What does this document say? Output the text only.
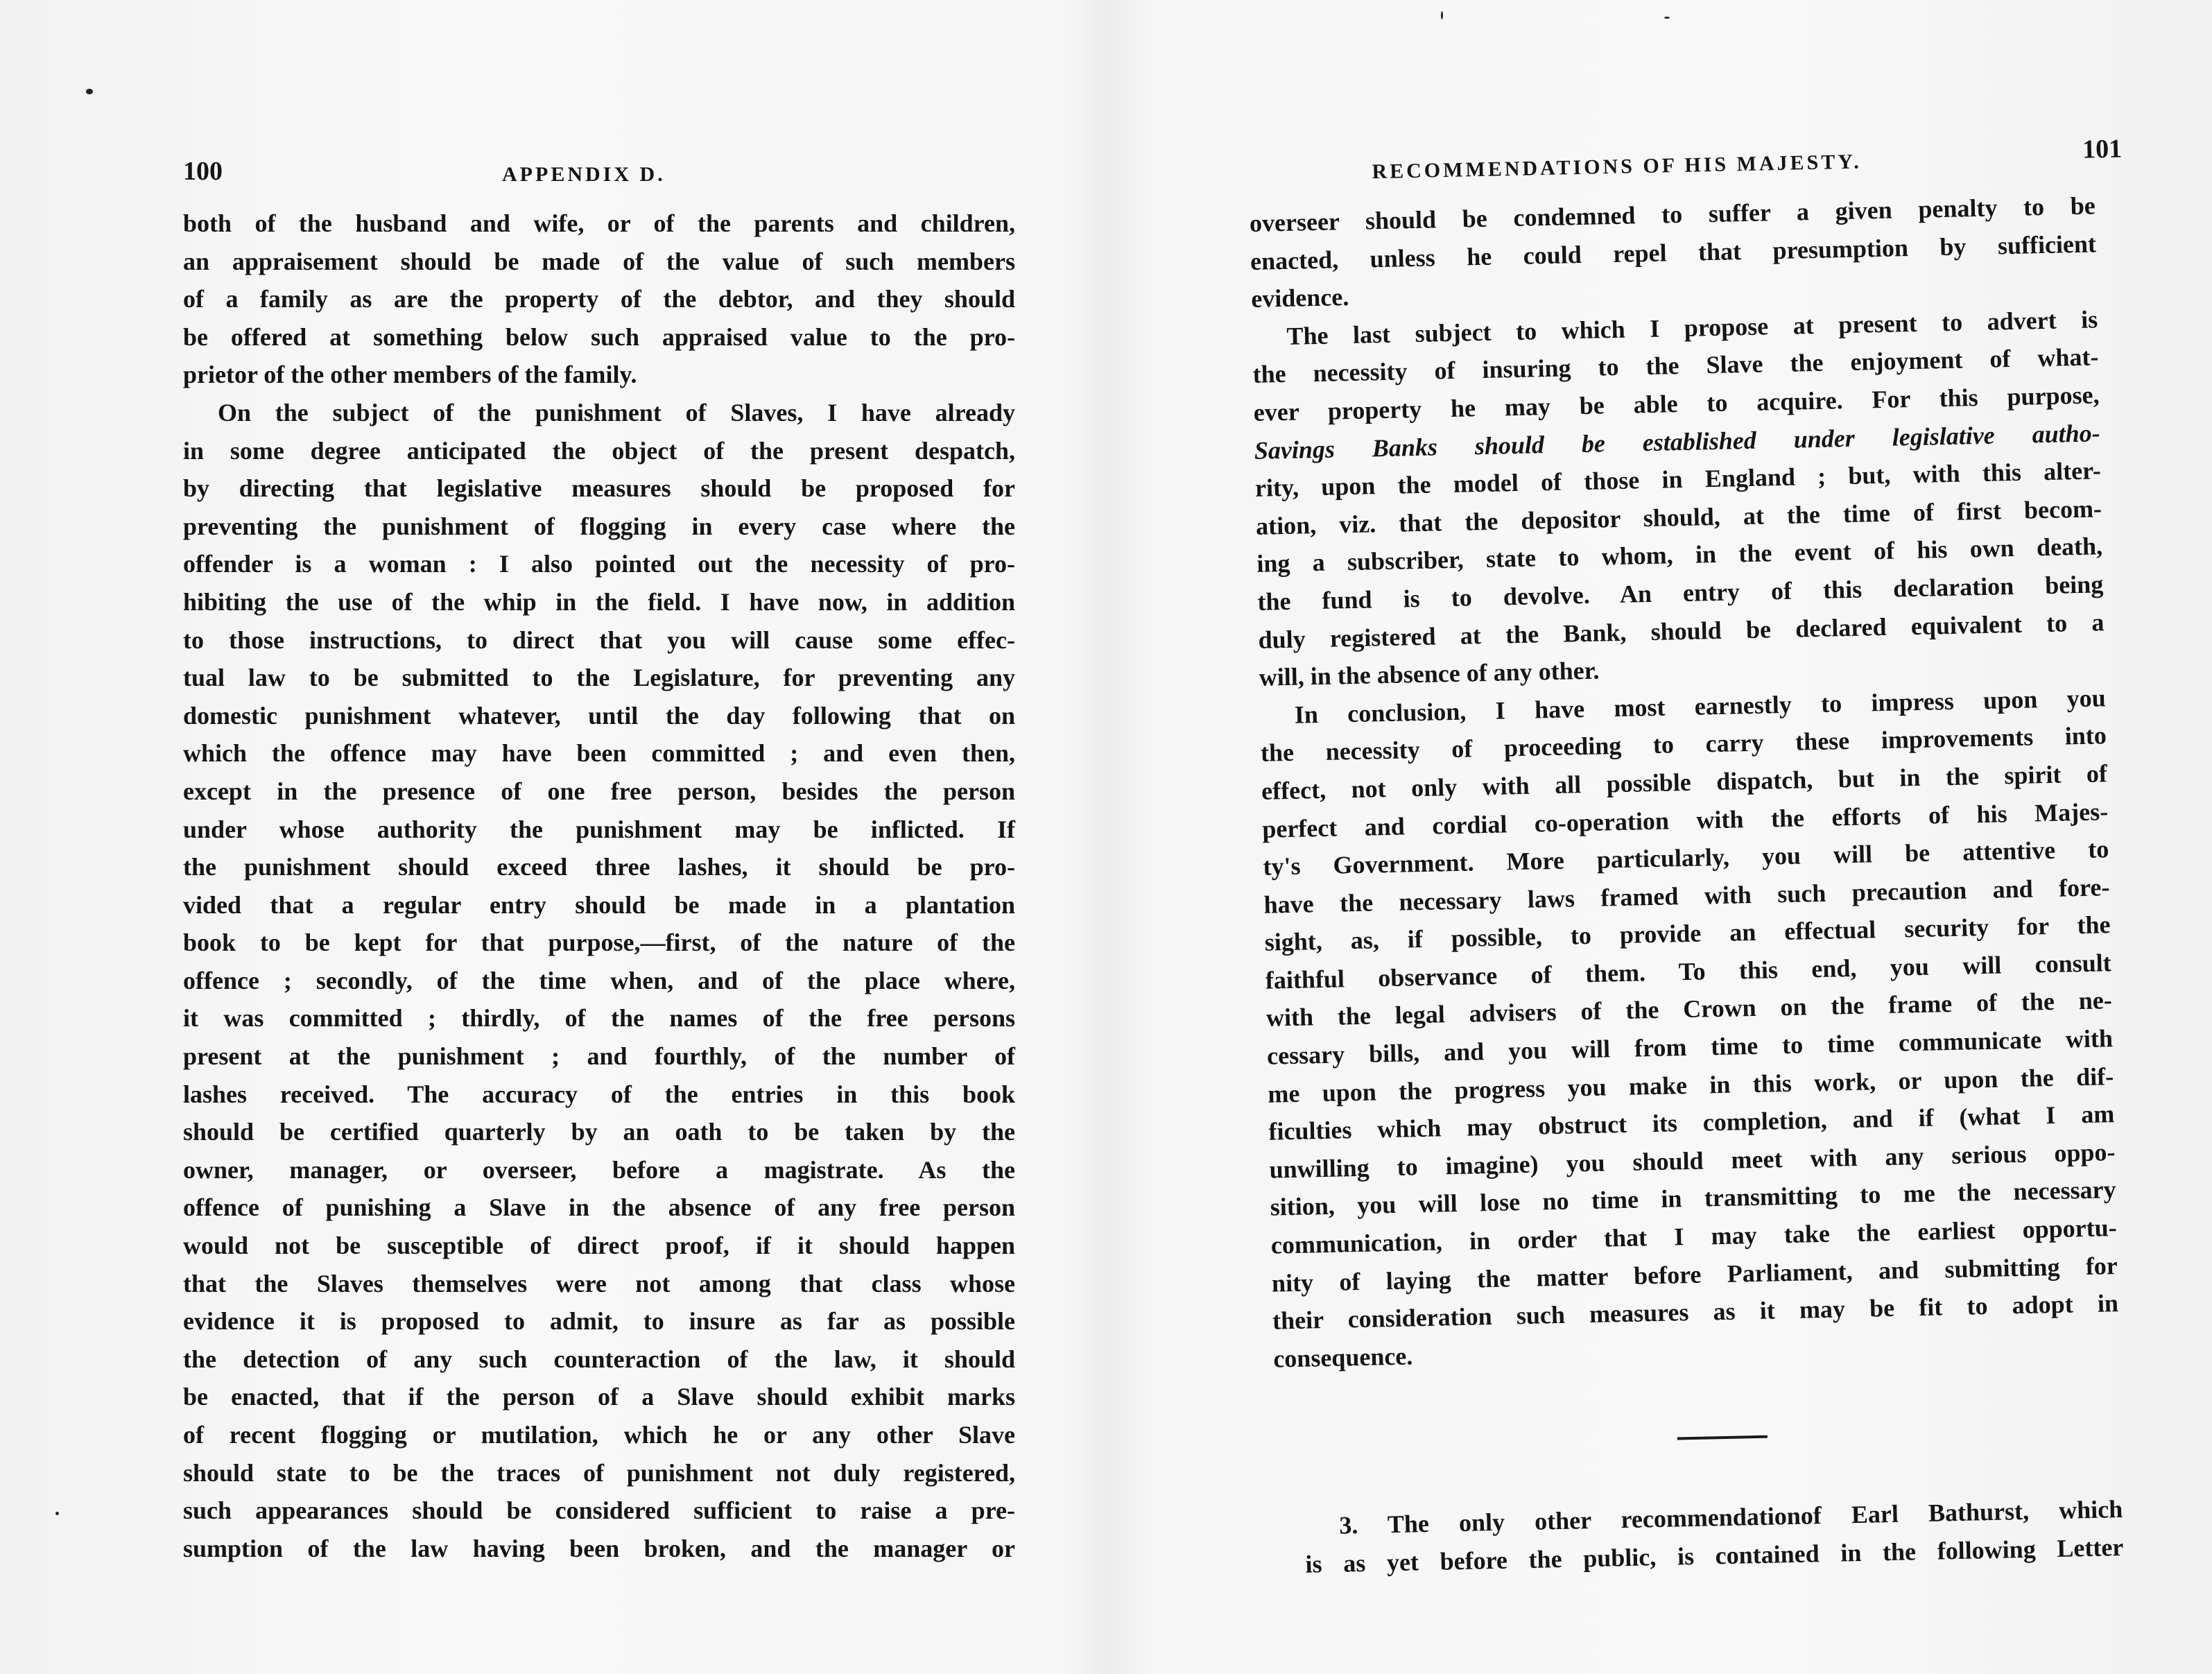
100	APPENDIX D.
both of the husband and wife, or of the parents and children,
an appraisement should be made of the value of such members
of a family as are the property of the debtor, and they should
be offered at something below such appraised value to the pro-
prietor of the other members of the family.
On the subject of the punishment of Slaves, I have already
in some degree anticipated the object of the present despatch,
by directing that legislative measures should be proposed for
preventing the punishment of flogging in every case where the
offender is a woman : I also pointed out the necessity of pro-
hibiting the use of the whip in the field. I have now, in addition
to those instructions, to direct that you will cause some effec-
tual law to be submitted to the Legislature, for preventing any
domestic punishment whatever, until the day following that on
which the offence may have been committed ; and even then,
except in the presence of one free person, besides the person
under whose authority the punishment may be inflicted. If
the punishment should exceed three lashes, it should be pro-
vided that a regular entry should be made in a plantation
book to be kept for that purpose,—first, of the nature of the
offence ; secondly, of the time when, and of the place where,
it was committed ; thirdly, of the names of the free persons
present at the punishment ; and fourthly, of the number of
lashes received. The accuracy of the entries in this book
should be certified quarterly by an oath to be taken by the
owner, manager, or overseer, before a magistrate. As the
offence of punishing a Slave in the absence of any free person
would not be susceptible of direct proof, if it should happen
that the Slaves themselves were not among that class whose
evidence it is proposed to admit, to insure as far as possible
the detection of any such counteraction of the law, it should
be enacted, that if the person of a Slave should exhibit marks
of recent flogging or mutilation, which he or any other Slave
should state to be the traces of punishment not duly registered,
such appearances should be considered sufficient to raise a pre-
sumption of the law having been broken, and the manager or
RECOMMENDATIONS OF HIS MAJESTY.
101
overseer should be condemned to suffer a given penalty to be
enacted, unless he could repel that presumption by sufficient
evidence.
The last subject to which I propose at present to advert is
the necessity of insuring to the Slave the enjoyment of what-
ever property he may be able to acquire. For this purpose,
Savings Banks should be established under legislative autho-
rity, upon the model of those in England ; but, with this alter-
ation, viz. that the depositor should, at the time of first becom-
ing a subscriber, state to whom, in the event of his own death,
the fund is to devolve. An entry of this declaration being
duly registered at the Bank, should be declared equivalent to a
will, in the absence of any other.
In conclusion, I have most earnestly to impress upon you
the necessity of proceeding to carry these improvements into
effect, not only with all possible dispatch, but in the spirit of
perfect and cordial co-operation with the efforts of his Majes-
ty's Government. More particularly, you will be attentive to
have the necessary laws framed with such precaution and fore-
sight, as, if possible, to provide an effectual security for the
faithful observance of them. To this end, you will consult
with the legal advisers of the Crown on the frame of the ne-
cessary bills, and you will from time to time communicate with
me upon the progress you make in this work, or upon the dif-
ficulties which may obstruct its completion, and if (what I am
unwilling to imagine) you should meet with any serious oppo-
sition, you will lose no time in transmitting to me the necessary
communication, in order that I may take the earliest opportu-
nity of laying the matter before Parliament, and submitting for
their consideration such measures as it may be fit to adopt in
consequence.
3. The only other recommendationof Earl Bathurst, which
is as yet before the public, is contained in the following Letter
